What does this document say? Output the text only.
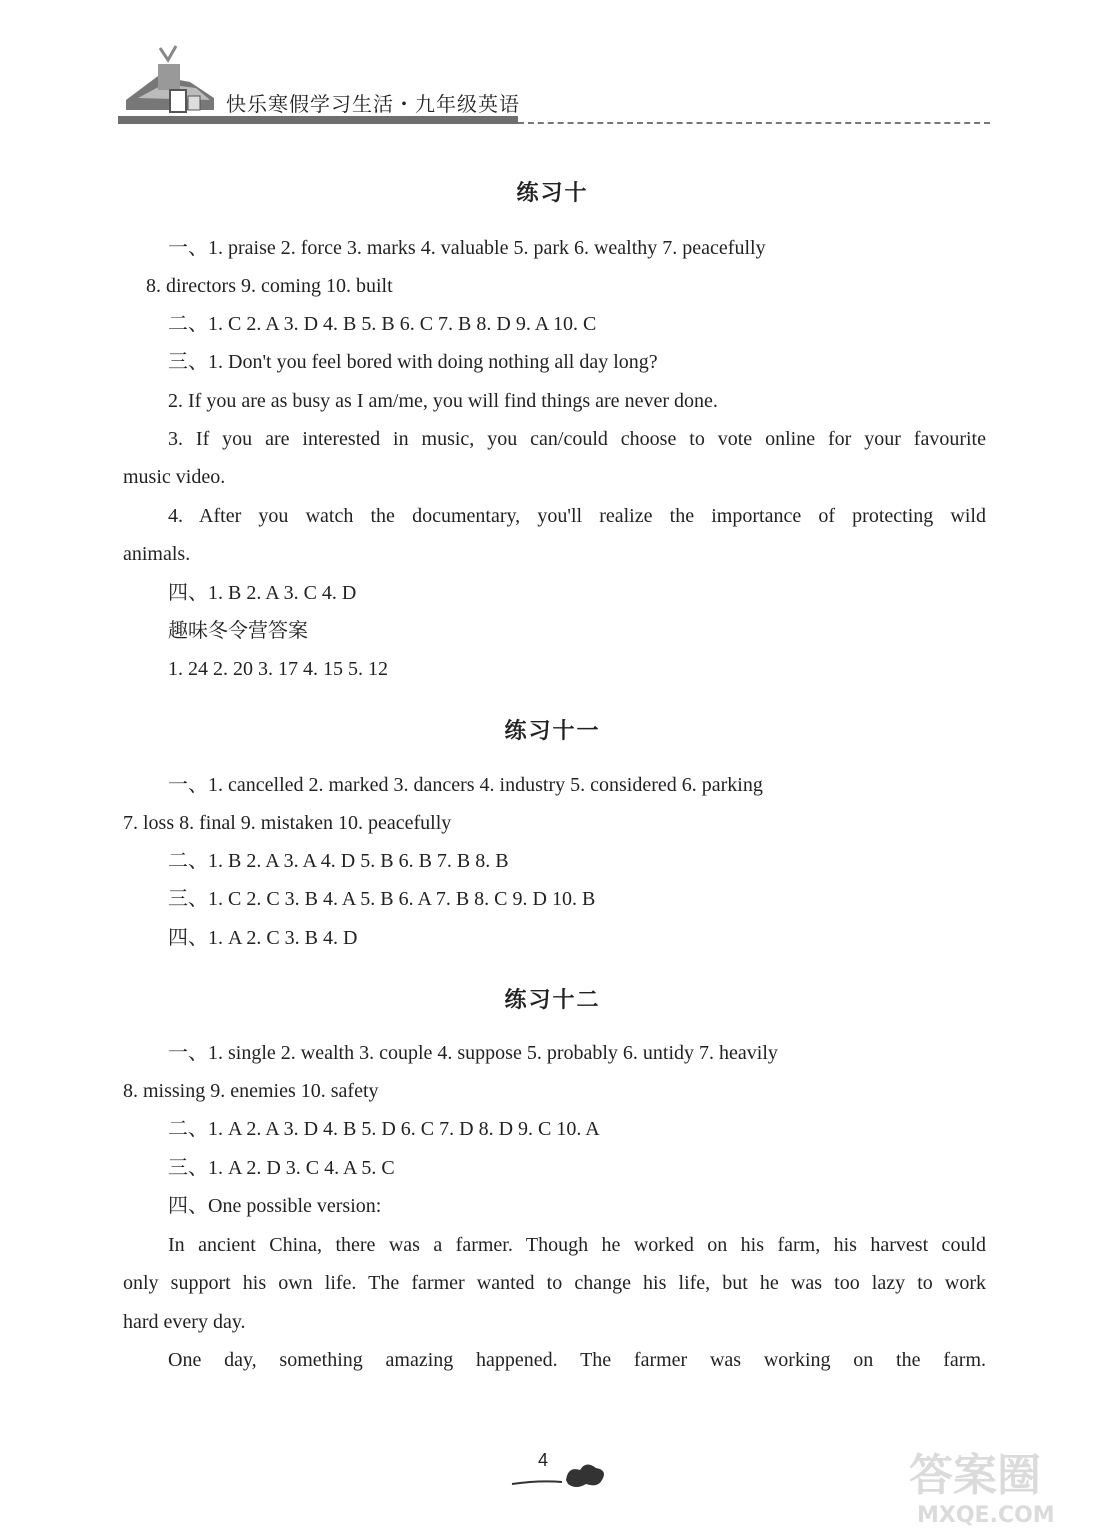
快乐寒假学习生活・九年级英语
练习十
一、1. praise 2. force 3. marks 4. valuable 5. park 6. wealthy 7. peacefully
8. directors 9. coming 10. built
二、1. C 2. A 3. D 4. B 5. B 6. C 7. B 8. D 9. A 10. C
三、1. Don't you feel bored with doing nothing all day long?
2. If you are as busy as I am/me, you will find things are never done.
3. If you are interested in music, you can/could choose to vote online for your favourite
music video.
4. After you watch the documentary, you'll realize the importance of protecting wild
animals.
四、1. B 2. A 3. C 4. D
趣味冬令营答案
1. 24 2. 20 3. 17 4. 15 5. 12
练习十一
一、1. cancelled 2. marked 3. dancers 4. industry 5. considered 6. parking
7. loss 8. final 9. mistaken 10. peacefully
二、1. B 2. A 3. A 4. D 5. B 6. B 7. B 8. B
三、1. C 2. C 3. B 4. A 5. B 6. A 7. B 8. C 9. D 10. B
四、1. A 2. C 3. B 4. D
练习十二
一、1. single 2. wealth 3. couple 4. suppose 5. probably 6. untidy 7. heavily
8. missing 9. enemies 10. safety
二、1. A 2. A 3. D 4. B 5. D 6. C 7. D 8. D 9. C 10. A
三、1. A 2. D 3. C 4. A 5. C
四、One possible version:
In ancient China, there was a farmer. Though he worked on his farm, his harvest could
only support his own life. The farmer wanted to change his life, but he was too lazy to work
hard every day.
One day, something amazing happened. The farmer was working on the farm.
4	答案圈
MXQE.COM
